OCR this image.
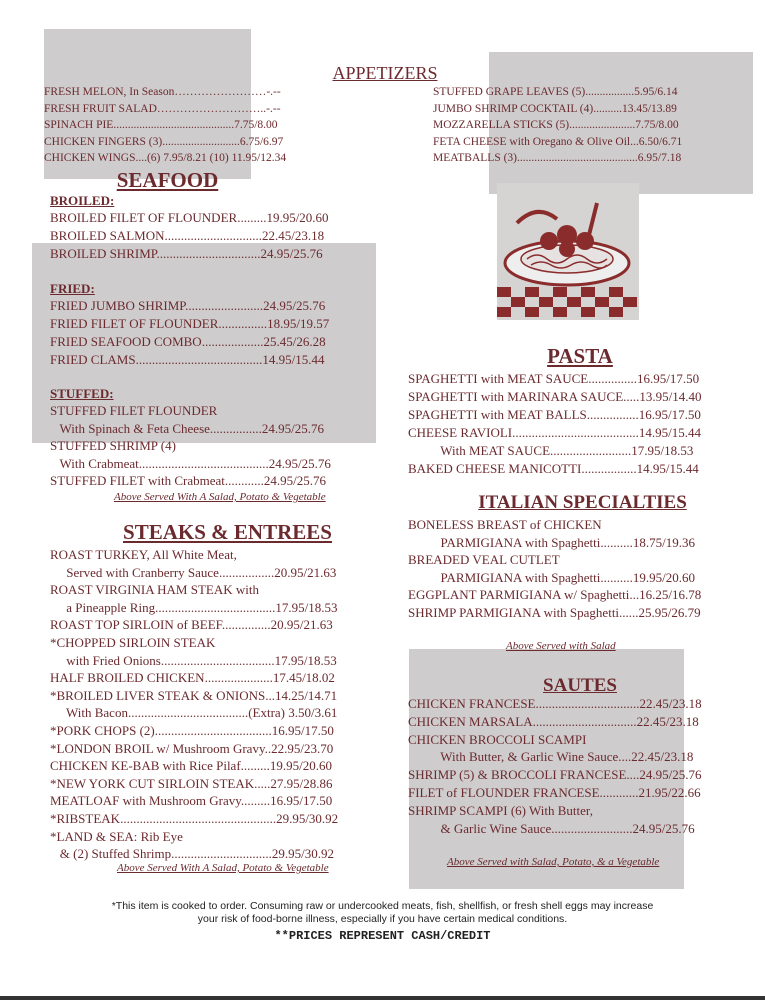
APPETIZERS
FRESH MELON, In Season……………………-.--
FRESH FRUIT SALAD………………………..-.--
SPINACH PIE..........................................7.75/8.00
CHICKEN FINGERS (3)...........................6.75/6.97
CHICKEN WINGS....(6) 7.95/8.21 (10) 11.95/12.34
STUFFED GRAPE LEAVES (5).................5.95/6.14
JUMBO SHRIMP COCKTAIL (4)..........13.45/13.89
MOZZARELLA STICKS (5).......................7.75/8.00
FETA CHEESE with Oregano & Olive Oil...6.50/6.71
MEATBALLS (3)..........................................6.95/7.18
SEAFOOD
BROILED:
FRIED:
STUFFED:
BROILED FILET OF FLOUNDER.........19.95/20.60
BROILED SALMON..............................22.45/23.18
BROILED SHRIMP................................24.95/25.76
FRIED JUMBO SHRIMP........................24.95/25.76
FRIED FILET OF FLOUNDER...............18.95/19.57
FRIED SEAFOOD COMBO...................25.45/26.28
FRIED CLAMS.......................................14.95/15.44
STUFFED FILET FLOUNDER
With Spinach & Feta Cheese................24.95/25.76
STUFFED SHRIMP (4)
With Crabmeat........................................24.95/25.76
STUFFED FILET with Crabmeat............24.95/25.76
Above Served With A Salad, Potato & Vegetable
STEAKS & ENTREES
ROAST TURKEY, All White Meat,
Served with Cranberry Sauce.................20.95/21.63
ROAST VIRGINIA HAM STEAK with
a Pineapple Ring.....................................17.95/18.53
ROAST TOP SIRLOIN of BEEF...............20.95/21.63
*CHOPPED SIRLOIN STEAK
with Fried Onions...................................17.95/18.53
HALF BROILED CHICKEN.....................17.45/18.02
*BROILED LIVER STEAK & ONIONS...14.25/14.71
With Bacon.....................................(Extra) 3.50/3.61
*PORK CHOPS (2)....................................16.95/17.50
*LONDON BROIL w/ Mushroom Gravy..22.95/23.70
CHICKEN KE-BAB with Rice Pilaf.........19.95/20.60
*NEW YORK CUT SIRLOIN STEAK.....27.95/28.86
MEATLOAF with Mushroom Gravy.........16.95/17.50
*RIBSTEAK................................................29.95/30.92
*LAND & SEA: Rib Eye
& (2) Stuffed Shrimp...............................29.95/30.92
Above Served With A Salad, Potato & Vegetable
PASTA
SPAGHETTI with MEAT SAUCE...............16.95/17.50
SPAGHETTI with MARINARA SAUCE.....13.95/14.40
SPAGHETTI with MEAT BALLS................16.95/17.50
CHEESE RAVIOLI.......................................14.95/15.44
With MEAT SAUCE.........................17.95/18.53
BAKED CHEESE MANICOTTI.................14.95/15.44
ITALIAN SPECIALTIES
BONELESS BREAST of CHICKEN
PARMIGIANA with Spaghetti..........18.75/19.36
BREADED VEAL CUTLET
PARMIGIANA with Spaghetti..........19.95/20.60
EGGPLANT PARMIGIANA w/ Spaghetti...16.25/16.78
SHRIMP PARMIGIANA with Spaghetti......25.95/26.79
Above Served with Salad
SAUTES
CHICKEN FRANCESE................................22.45/23.18
CHICKEN MARSALA................................22.45/23.18
CHICKEN BROCCOLI SCAMPI
With Butter, & Garlic Wine Sauce....22.45/23.18
SHRIMP (5) & BROCCOLI FRANCESE....24.95/25.76
FILET of FLOUNDER FRANCESE............21.95/22.66
SHRIMP SCAMPI (6) With Butter,
& Garlic Wine Sauce.........................24.95/25.76
Above Served with Salad, Potato, & a Vegetable
*This item is cooked to order. Consuming raw or undercooked meats, fish, shellfish, or fresh shell eggs may increase
your risk of food-borne illness, especially if you have certain medical conditions.
**PRICES REPRESENT CASH/CREDIT
